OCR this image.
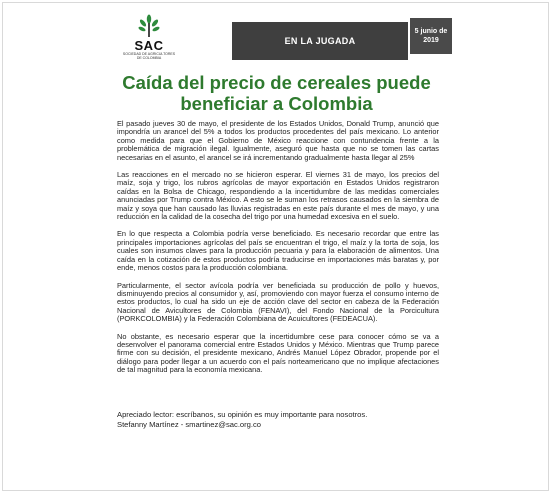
SAC
SOCIEDAD DE AGRICULTORES DE COLOMBIA
EN LA JUGADA
5 junio de
2019
Caída del precio de cereales puede
beneficiar a Colombia

El pasado jueves 30 de mayo, el presidente de los Estados Unidos, Donald Trump, anunció que impondría un arancel del 5% a todos los productos procedentes del país mexicano. Lo anterior como medida para que el Gobierno de México reaccione con contundencia frente a la problemática de migración ilegal. Igualmente, aseguró que hasta que no se tomen las cartas necesarias en el asunto, el arancel se irá incrementando gradualmente hasta llegar al 25%

Las reacciones en el mercado no se hicieron esperar. El viernes 31 de mayo, los precios del maíz, soja y trigo, los rubros agrícolas de mayor exportación en Estados Unidos registraron caídas en la Bolsa de Chicago, respondiendo a la incertidumbre de las medidas comerciales anunciadas por Trump contra México. A esto se le suman los retrasos causados en la siembra de maíz y soya que han causado las lluvias registradas en este país durante el mes de mayo, y una reducción en la calidad de la cosecha del trigo por una humedad excesiva en el suelo.

En lo que respecta a Colombia podría verse beneficiado. Es necesario recordar que entre las principales importaciones agrícolas del país se encuentran el trigo, el maíz y la torta de soja, los cuales son insumos claves para la producción pecuaria y para la elaboración de alimentos. Una caída en la cotización de estos productos podría traducirse en importaciones más baratas y, por ende, menos costos para la producción colombiana.

Particularmente, el sector avícola podría ver beneficiada su producción de pollo y huevos, disminuyendo precios al consumidor y, así, promoviendo con mayor fuerza el consumo interno de estos productos, lo cual ha sido un eje de acción clave del sector en cabeza de la Federación Nacional de Avicultores de Colombia (FENAVI), del Fondo Nacional de la Porcicultura (PORKCOLOMBIA) y la Federación Colombiana de Acuicultores (FEDEACUA).

No obstante, es necesario esperar que la incertidumbre cese para conocer cómo se va a desenvolver el panorama comercial entre Estados Unidos y México. Mientras que Trump parece firme con su decisión, el presidente mexicano, Andrés Manuel López Obrador, propende por el diálogo para poder llegar a un acuerdo con el país norteamericano que no implique afectaciones de tal magnitud para la economía mexicana.

Apreciado lector: escríbanos, su opinión es muy importante para nosotros.
Stefanny Martínez - smartinez@sac.org.co
